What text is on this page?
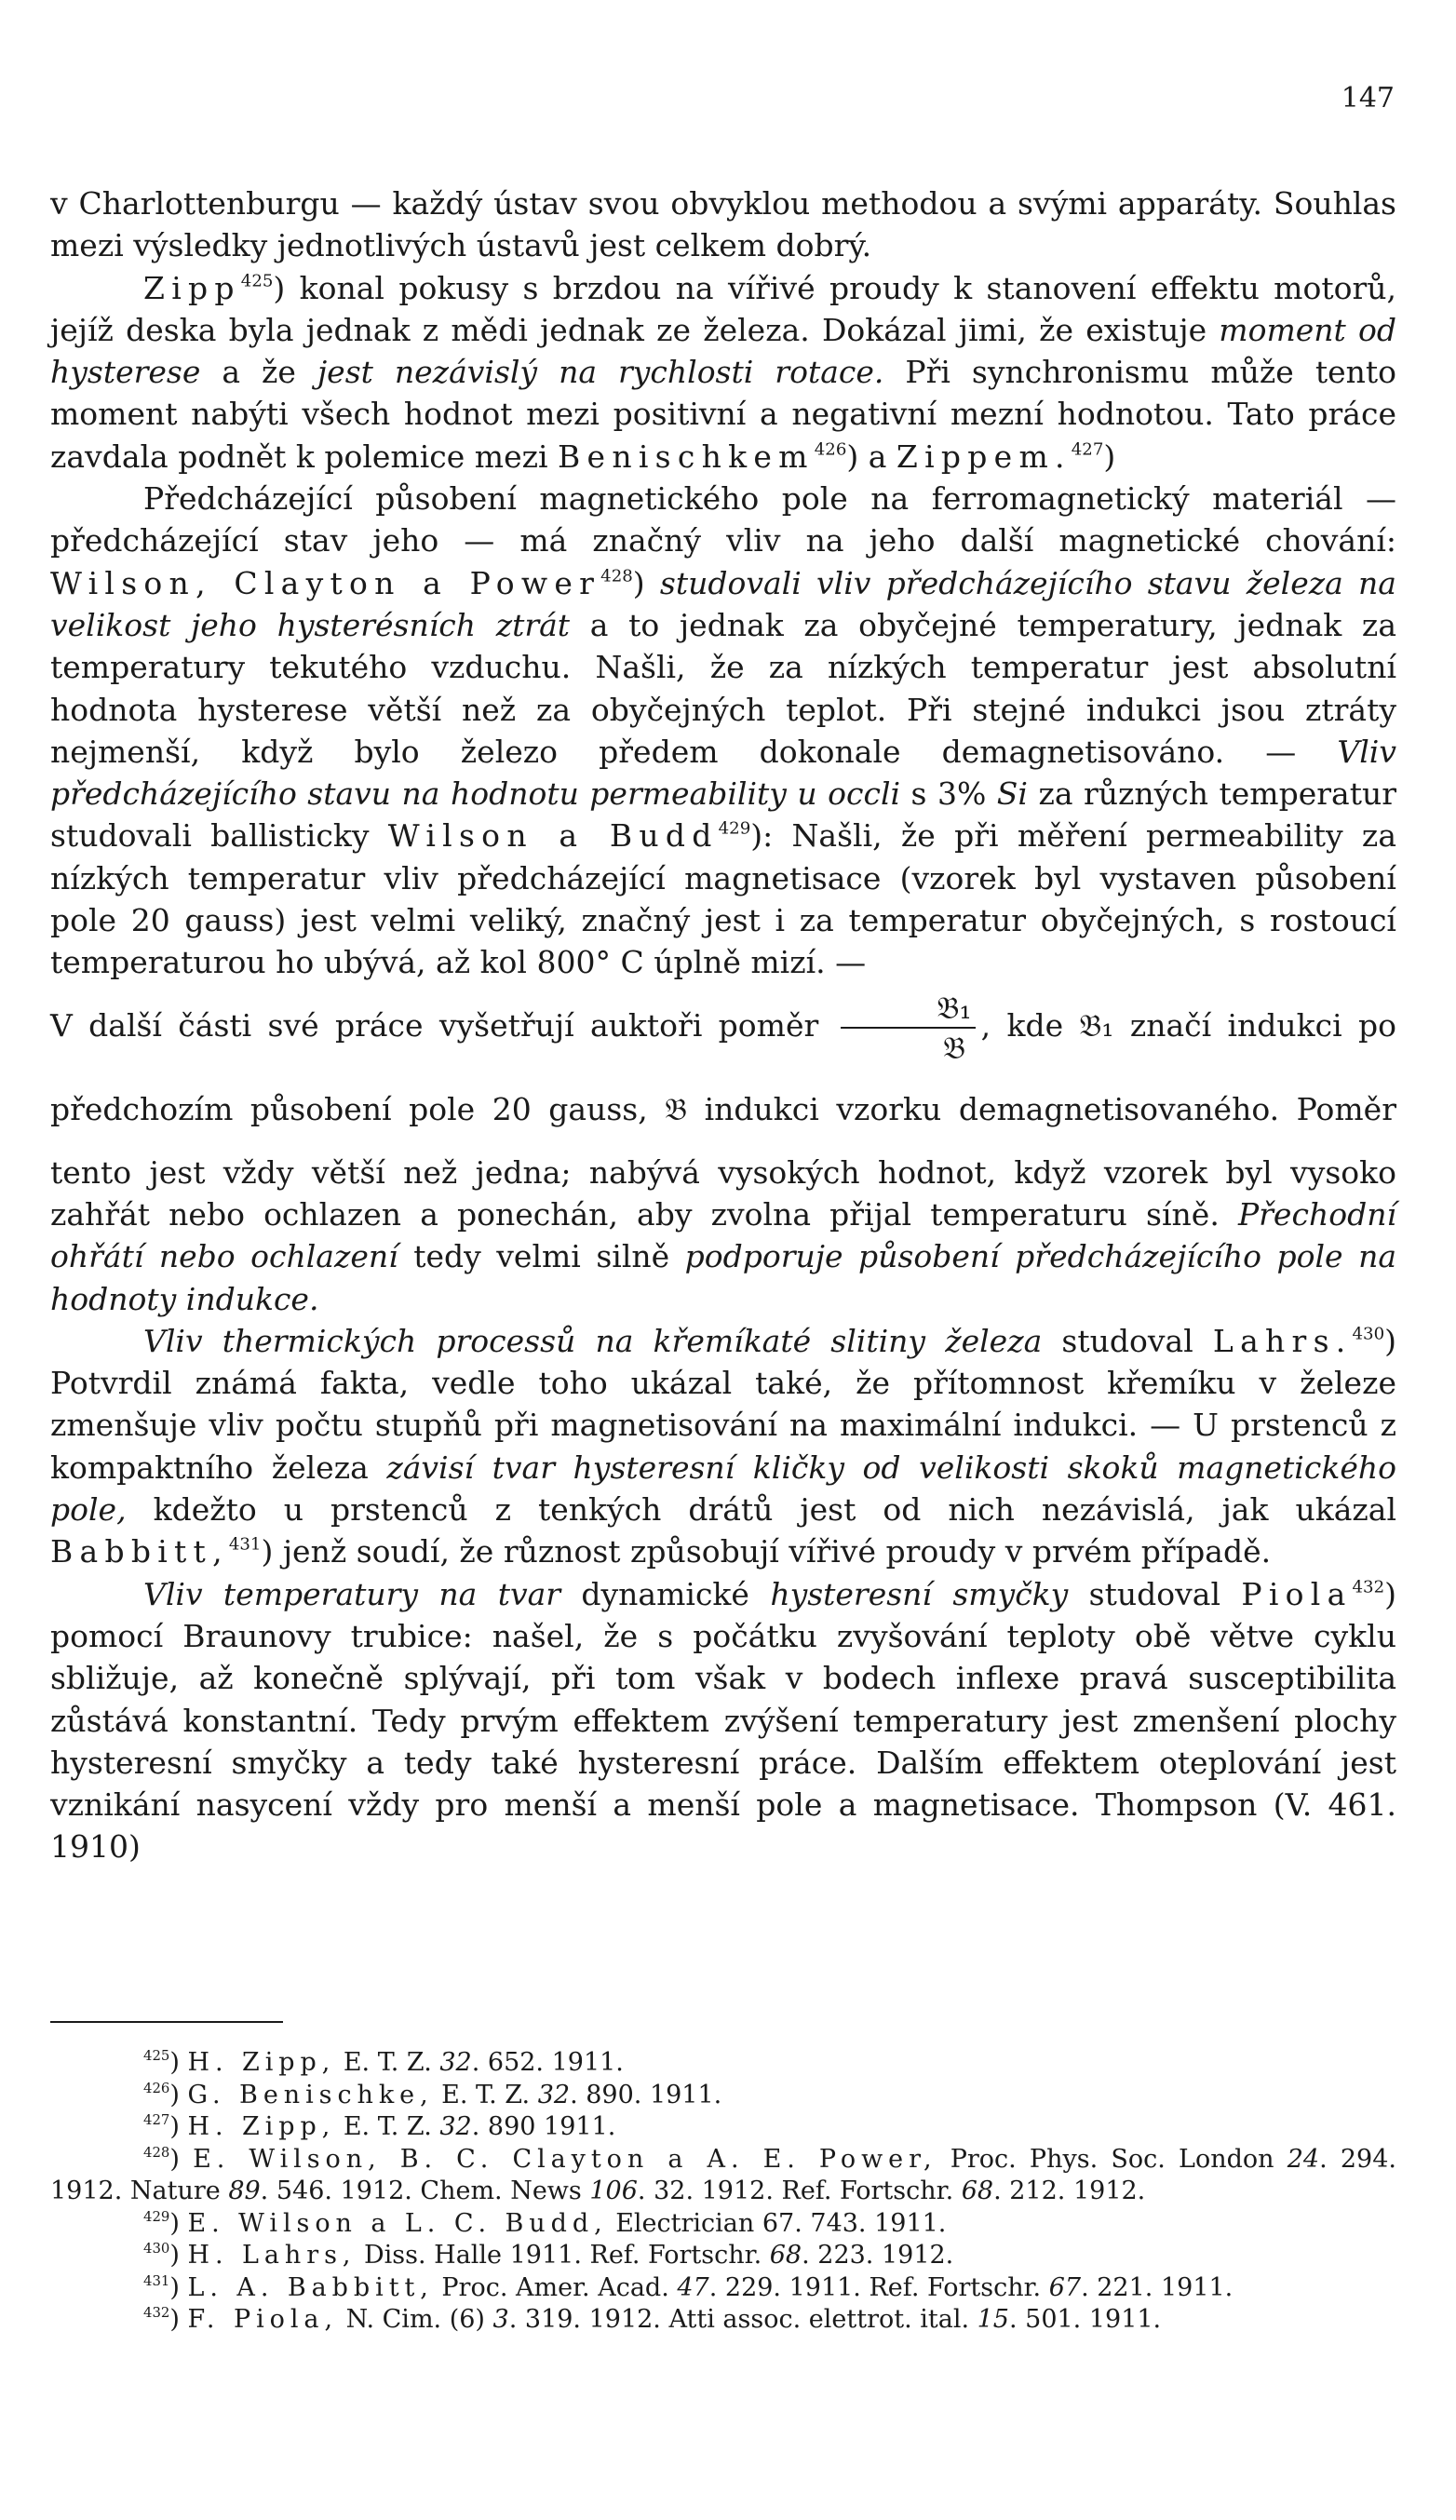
147

v Charlottenburgu — každý ústav svou obvyklou methodou a svými apparáty. Souhlas mezi výsledky jednotlivých ústavů jest celkem dobrý.

Zipp$^{425}$) konal pokusy s brzdou na vířivé proudy k stanovení effektu motorů, jejíž deska byla jednak z mědi jednak ze železa. Dokázal jimi, že existuje moment od hysterese a že jest nezávislý na rychlosti rotace. Při synchronismu může tento moment nabýti všech hodnot mezi positivní a negativní mezní hodnotou. Tato práce zavdala podnět k polemice mezi Benischkem$^{426}$) a Zippem.$^{427}$)

Předcházející působení magnetického pole na ferromagnetický materiál — předcházející stav jeho — má značný vliv na jeho další magnetické chování: Wilson, Clayton a Power$^{428}$) studovali vliv předcházejícího stavu železa na velikost jeho hysterésních ztrát a to jednak za obyčejné temperatury, jednak za temperatury tekutého vzduchu. Našli, že za nízkých temperatur jest absolutní hodnota hysterese větší než za obyčejných teplot. Při stejné indukci jsou ztráty nejmenší, když bylo železo předem dokonale demagnetisováno. — Vliv předcházejícího stavu na hodnotu permeability u occli s 3% Si za různých temperatur studovali ballisticky Wilson a Budd$^{429}$): Našli, že při měření permeability za nízkých temperatur vliv předcházející magnetisace (vzorek byl vystaven působení pole 20 gauss) jest velmi veliký, značný jest i za temperatur obyčejných, s rostoucí temperaturou ho ubývá, až kol 800° C úplně mizí. —
V další části své práce vyšetřují auktoři poměr $\frac{\text{𝔅₁}}{\text{𝔅}}$ , kde 𝔅₁ značí indukci po předchozím působení pole 20 gauss, 𝔅 indukci vzorku demagnetisovaného. Poměr tento jest vždy větší než jedna; nabývá vysokých hodnot, když vzorek byl vysoko zahřát nebo ochlazen a ponechán, aby zvolna přijal temperaturu síně. Přechodní ohřátí nebo ochlazení tedy velmi silně podporuje působení předcházejícího pole na hodnoty indukce.

Vliv thermických processů na křemíkaté slitiny železa studoval Lahrs.$^{430}$) Potvrdil známá fakta, vedle toho ukázal také, že přítomnost křemíku v železe zmenšuje vliv počtu stupňů při magnetisování na maximální indukci. — U prstenců z kompaktního železa závisí tvar hysteresní kličky od velikosti skoků magnetického pole, kdežto u prstenců z tenkých drátů jest od nich nezávislá, jak ukázal Babbitt,$^{431}$) jenž soudí, že různost způsobují vířivé proudy v prvém případě.

Vliv temperatury na tvar dynamické hysteresní smyčky studoval Piola$^{432}$) pomocí Braunovy trubice: našel, že s počátku zvyšování teploty obě větve cyklu sbližuje, až konečně splývají, při tom však v bodech inflexe pravá susceptibilita zůstává konstantní. Tedy prvým effektem zvýšení temperatury jest zmenšení plochy hysteresní smyčky a tedy také hysteresní práce. Dalším effektem oteplování jest vznikání nasycení vždy pro menší a menší pole a magnetisace. Thompson (V. 461. 1910)

$^{425}$) H. Zipp, E. T. Z. 32. 652. 1911.

$^{426}$) G. Benischke, E. T. Z. 32. 890. 1911.

$^{427}$) H. Zipp, E. T. Z. 32. 890 1911.

$^{428}$) E. Wilson, B. C. Clayton a A. E. Power, Proc. Phys. Soc. London 24. 294. 1912. Nature 89. 546. 1912. Chem. News 106. 32. 1912. Ref. Fortschr. 68. 212. 1912.

$^{429}$) E. Wilson a L. C. Budd, Electrician 67. 743. 1911.

$^{430}$) H. Lahrs, Diss. Halle 1911. Ref. Fortschr. 68. 223. 1912.

$^{431}$) L. A. Babbitt, Proc. Amer. Acad. 47. 229. 1911. Ref. Fortschr. 67. 221. 1911.

$^{432}$) F. Piola, N. Cim. (6) 3. 319. 1912. Atti assoc. elettrot. ital. 15. 501. 1911.
